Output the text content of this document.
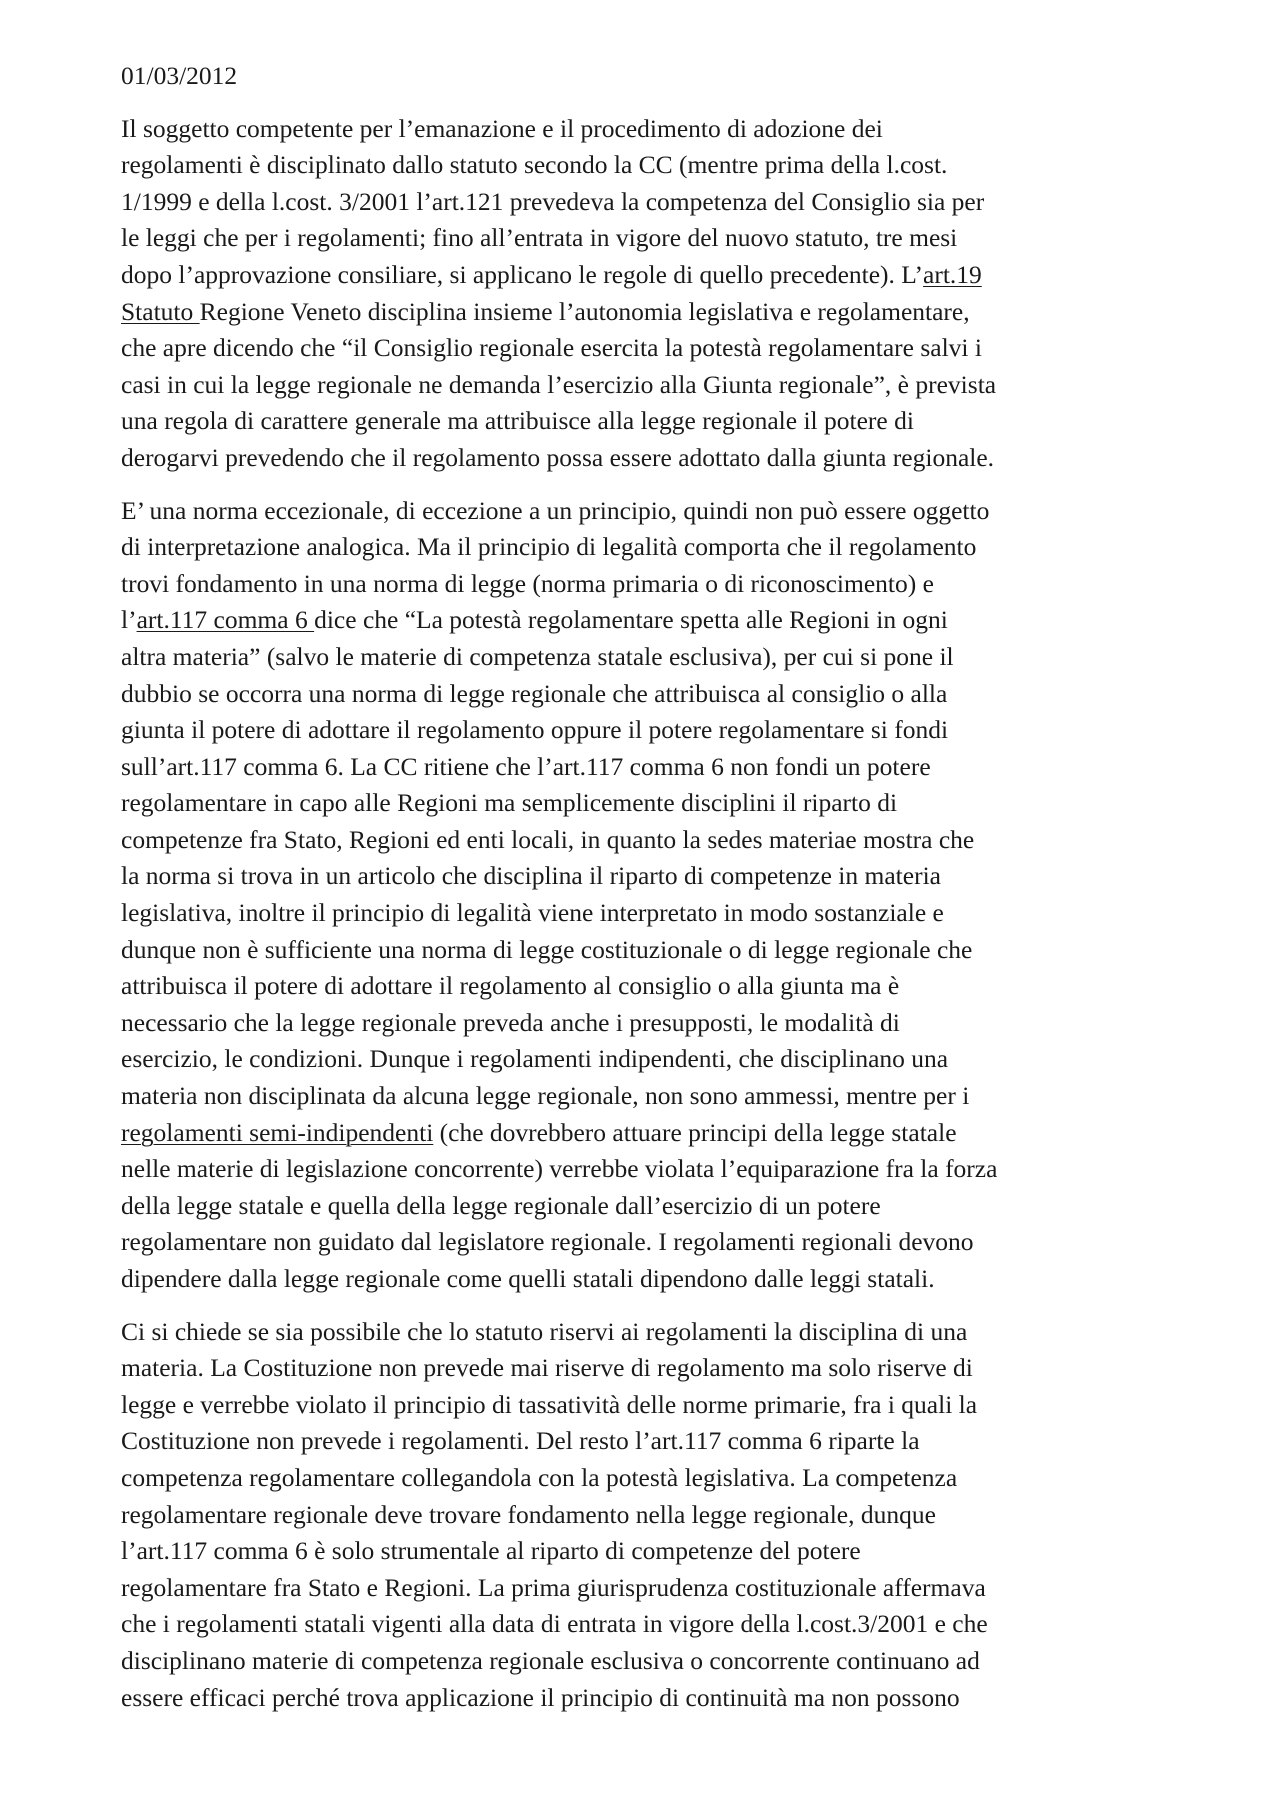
01/03/2012
Il soggetto competente per l’emanazione e il procedimento di adozione dei
regolamenti è disciplinato dallo statuto secondo la CC (mentre prima della l.cost.
1/1999 e della l.cost. 3/2001 l’art.121 prevedeva la competenza del Consiglio sia per
le leggi che per i regolamenti; fino all’entrata in vigore del nuovo statuto, tre mesi
dopo l’approvazione consiliare, si applicano le regole di quello precedente). L’art.19
Statuto Regione Veneto disciplina insieme l’autonomia legislativa e regolamentare,
che apre dicendo che “il Consiglio regionale esercita la potestà regolamentare salvi i
casi in cui la legge regionale ne demanda l’esercizio alla Giunta regionale”, è prevista
una regola di carattere generale ma attribuisce alla legge regionale il potere di
derogarvi prevedendo che il regolamento possa essere adottato dalla giunta regionale.
E’ una norma eccezionale, di eccezione a un principio, quindi non può essere oggetto
di interpretazione analogica. Ma il principio di legalità comporta che il regolamento
trovi fondamento in una norma di legge (norma primaria o di riconoscimento) e
l’art.117 comma 6 dice che “La potestà regolamentare spetta alle Regioni in ogni
altra materia” (salvo le materie di competenza statale esclusiva), per cui si pone il
dubbio se occorra una norma di legge regionale che attribuisca al consiglio o alla
giunta il potere di adottare il regolamento oppure il potere regolamentare si fondi
sull’art.117 comma 6. La CC ritiene che l’art.117 comma 6 non fondi un potere
regolamentare in capo alle Regioni ma semplicemente disciplini il riparto di
competenze fra Stato, Regioni ed enti locali, in quanto la sedes materiae mostra che
la norma si trova in un articolo che disciplina il riparto di competenze in materia
legislativa, inoltre il principio di legalità viene interpretato in modo sostanziale e
dunque non è sufficiente una norma di legge costituzionale o di legge regionale che
attribuisca il potere di adottare il regolamento al consiglio o alla giunta ma è
necessario che la legge regionale preveda anche i presupposti, le modalità di
esercizio, le condizioni. Dunque i regolamenti indipendenti, che disciplinano una
materia non disciplinata da alcuna legge regionale, non sono ammessi, mentre per i
regolamenti semi-indipendenti (che dovrebbero attuare principi della legge statale
nelle materie di legislazione concorrente) verrebbe violata l’equiparazione fra la forza
della legge statale e quella della legge regionale dall’esercizio di un potere
regolamentare non guidato dal legislatore regionale. I regolamenti regionali devono
dipendere dalla legge regionale come quelli statali dipendono dalle leggi statali.
Ci si chiede se sia possibile che lo statuto riservi ai regolamenti la disciplina di una
materia. La Costituzione non prevede mai riserve di regolamento ma solo riserve di
legge e verrebbe violato il principio di tassatività delle norme primarie, fra i quali la
Costituzione non prevede i regolamenti. Del resto l’art.117 comma 6 riparte la
competenza regolamentare collegandola con la potestà legislativa. La competenza
regolamentare regionale deve trovare fondamento nella legge regionale, dunque
l’art.117 comma 6 è solo strumentale al riparto di competenze del potere
regolamentare fra Stato e Regioni. La prima giurisprudenza costituzionale affermava
che i regolamenti statali vigenti alla data di entrata in vigore della l.cost.3/2001 e che
disciplinano materie di competenza regionale esclusiva o concorrente continuano ad
essere efficaci perché trova applicazione il principio di continuità ma non possono
